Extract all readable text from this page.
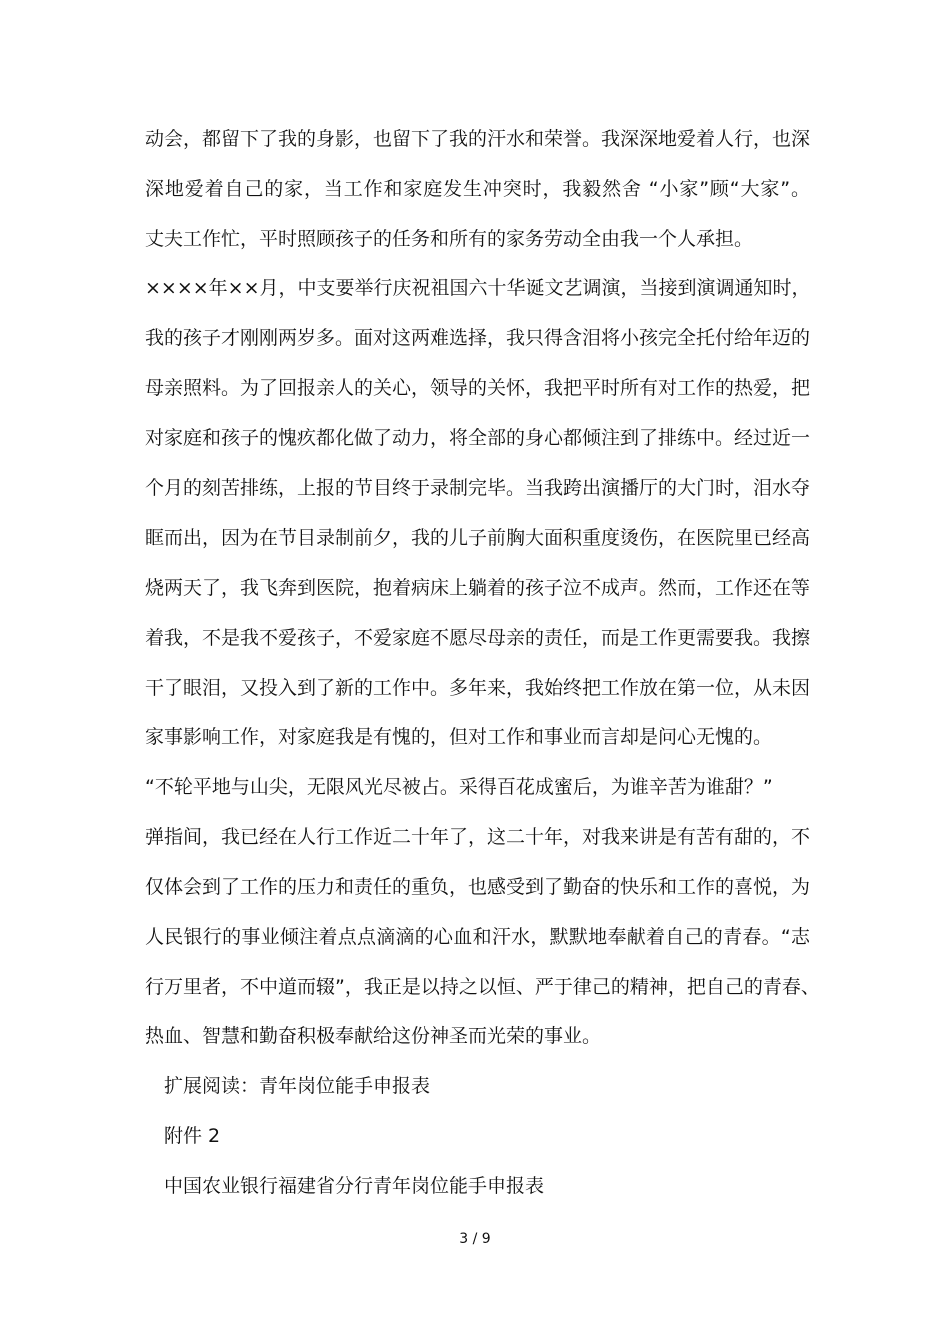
动会，都留下了我的身影，也留下了我的汗水和荣誉。我深深地爱着人行，也深
深地爱着自己的家，当工作和家庭发生冲突时，我毅然舍 “小家”顾“大家”。
丈夫工作忙，平时照顾孩子的任务和所有的家务劳动全由我一个人承担。
××××年××月，中支要举行庆祝祖国六十华诞文艺调演，当接到演调通知时，
我的孩子才刚刚两岁多。面对这两难选择，我只得含泪将小孩完全托付给年迈的
母亲照料。为了回报亲人的关心，领导的关怀，我把平时所有对工作的热爱，把
对家庭和孩子的愧疚都化做了动力，将全部的身心都倾注到了排练中。经过近一
个月的刻苦排练，上报的节目终于录制完毕。当我跨出演播厅的大门时，泪水夺
眶而出，因为在节目录制前夕，我的儿子前胸大面积重度烫伤，在医院里已经高
烧两天了，我飞奔到医院，抱着病床上躺着的孩子泣不成声。然而，工作还在等
着我，不是我不爱孩子，不爱家庭不愿尽母亲的责任，而是工作更需要我。我擦
干了眼泪，又投入到了新的工作中。多年来，我始终把工作放在第一位，从未因
家事影响工作，对家庭我是有愧的，但对工作和事业而言却是问心无愧的。
“不轮平地与山尖，无限风光尽被占。采得百花成蜜后，为谁辛苦为谁甜？”
弹指间，我已经在人行工作近二十年了，这二十年，对我来讲是有苦有甜的，不
仅体会到了工作的压力和责任的重负，也感受到了勤奋的快乐和工作的喜悦，为
人民银行的事业倾注着点点滴滴的心血和汗水，默默地奉献着自己的青春。“志
行万里者，不中道而辍”，我正是以持之以恒、严于律己的精神，把自己的青春、
热血、智慧和勤奋积极奉献给这份神圣而光荣的事业。
扩展阅读：青年岗位能手申报表
附件 2
中国农业银行福建省分行青年岗位能手申报表
3 / 9
